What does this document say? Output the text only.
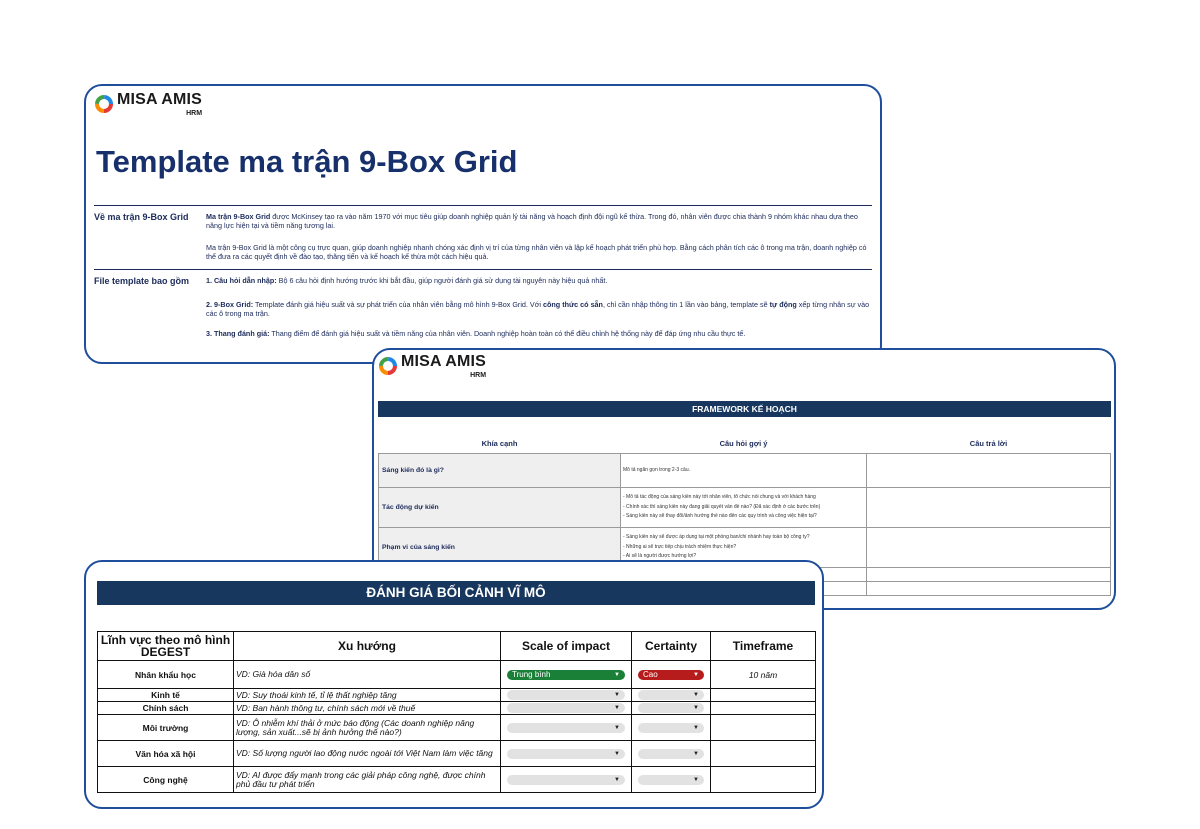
MISA AMIS
HRM
Template ma trận 9-Box Grid
Về ma trận 9-Box Grid Ma trận 9-Box Grid được McKinsey tạo ra vào năm 1970 với mục tiêu giúp doanh nghiệp quản lý tài năng và hoạch định đội ngũ kế thừa. Trong đó, nhân viên được chia thành 9 nhóm khác nhau dựa theo năng lực hiện tại và tiềm năng tương lai.
Ma trận 9-Box Grid là một công cụ trực quan, giúp doanh nghiệp nhanh chóng xác định vị trí của từng nhân viên và lập kế hoạch phát triển phù hợp. Bằng cách phân tích các ô trong ma trận, doanh nghiệp có thể đưa ra các quyết định về đào tạo, thăng tiến và kế hoạch kế thừa một cách hiệu quả.
File template bao gồm 1. Câu hỏi dẫn nhập: Bộ 6 câu hỏi định hướng trước khi bắt đầu, giúp người đánh giá sử dụng tài nguyên này hiệu quả nhất.
2. 9-Box Grid: Template đánh giá hiệu suất và sự phát triển của nhân viên bằng mô hình 9-Box Grid. Với công thức có sẵn, chỉ cần nhập thông tin 1 lần vào bảng, template sẽ tự động xếp từng nhân sự vào các ô trong ma trận.
3. Thang đánh giá: Thang điểm để đánh giá hiệu suất và tiềm năng của nhân viên. Doanh nghiệp hoàn toàn có thể điều chỉnh hệ thống này để đáp ứng nhu cầu thực tế.
MISA AMIS
HRM
FRAMEWORK KẾ HOẠCH
Khía cạnh	Câu hỏi gợi ý	Câu trả lời
Sáng kiến đó là gì?	Mô tả ngắn gọn trong 2-3 câu.	

Tác động dự kiến	- Mô tả tác động của sáng kiến này tới nhân viên, tổ chức nói chung và với khách hàng
- Chính xác thì sáng kiến này đang giải quyết vấn đề nào? (Đã xác định ở các bước trên)
- Sáng kiến này sẽ thay đổi/ảnh hưởng thế nào đến các quy trình và công việc hiện tại?	

Phạm vi của sáng kiến	- Sáng kiến này sẽ được áp dụng tại một phòng ban/chi nhánh hay toàn bộ công ty?
- Những ai sẽ trực tiếp chịu trách nhiệm thực hiện?
- Ai sẽ là người được hưởng lợi?	

ĐÁNH GIÁ BỐI CẢNH VĨ MÔ
Lĩnh vực theo mô hình DEGEST	Xu hướng	Scale of impact	Certainty	Timeframe
Nhân khẩu học	VD: Già hóa dân số	Trung bình ▼	Cao ▼	10 năm
Kinh tế	VD: Suy thoái kinh tế, tỉ lệ thất nghiệp tăng	▼	▼	

Chính sách	VD: Ban hành thông tư, chính sách mới về thuế	▼	▼	

Môi trường	VD: Ô nhiễm khí thải ở mức báo động (Các doanh nghiệp năng lượng, sản xuất...sẽ bị ảnh hưởng thế nào?)	▼	▼	

Văn hóa xã hội	VD: Số lượng người lao động nước ngoài tới Việt Nam làm việc tăng	▼	▼	

Công nghệ	VD: AI được đẩy mạnh trong các giải pháp công nghệ, được chính phủ đầu tư phát triển	▼	▼	
